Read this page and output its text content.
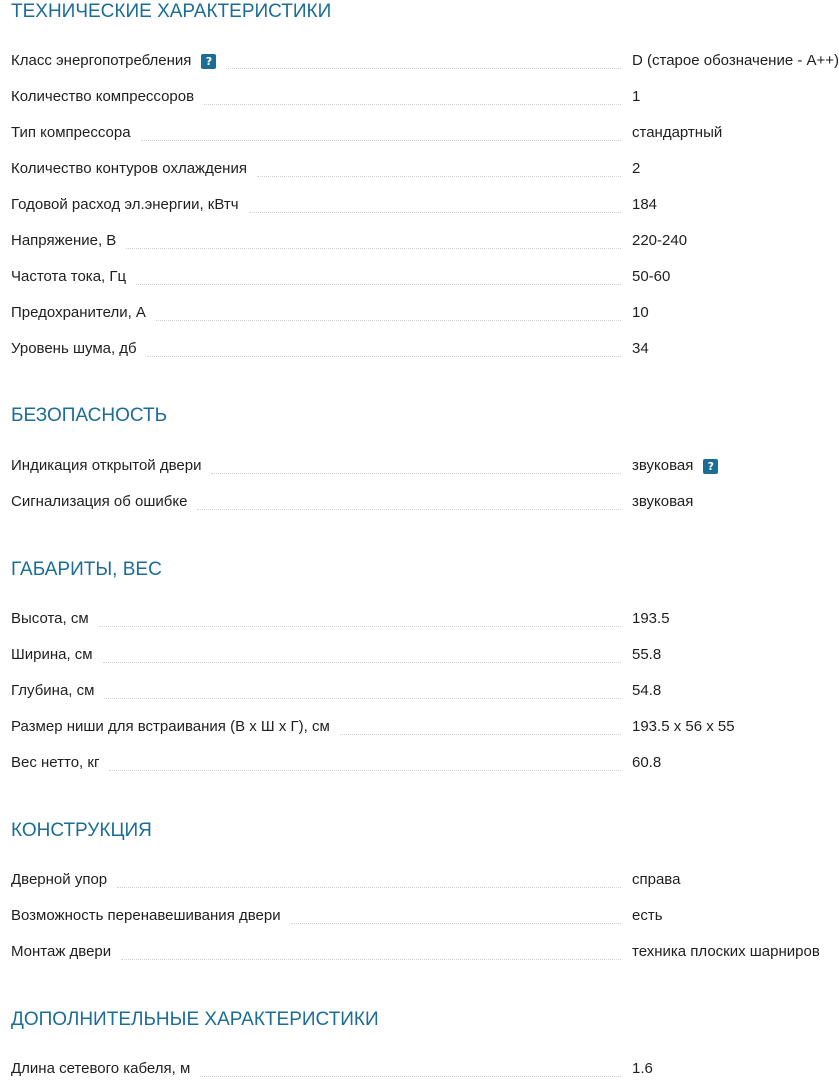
ТЕХНИЧЕСКИЕ ХАРАКТЕРИСТИКИ
Класс энергопотребления	?	D (старое обозначение - A++)
Количество компрессоров	1
Тип компрессора	стандартный
Количество контуров охлаждения	2
Годовой расход эл.энергии, кВтч	184
Напряжение, В	220-240
Частота тока, Гц	50-60
Предохранители, А	10
Уровень шума, дб	34
БЕЗОПАСНОСТЬ
Индикация открытой двери	звуковая	?
Сигнализация об ошибке	звуковая
ГАБАРИТЫ, ВЕС
Высота, см	193.5
Ширина, см	55.8
Глубина, см	54.8
Размер ниши для встраивания (В х Ш х Г), см	193.5 x 56 x 55
Вес нетто, кг	60.8
КОНСТРУКЦИЯ
Дверной упор	справа
Возможность перенавешивания двери	есть
Монтаж двери	техника плоских шарниров
ДОПОЛНИТЕЛЬНЫЕ ХАРАКТЕРИСТИКИ
Длина сетевого кабеля, м	1.6
